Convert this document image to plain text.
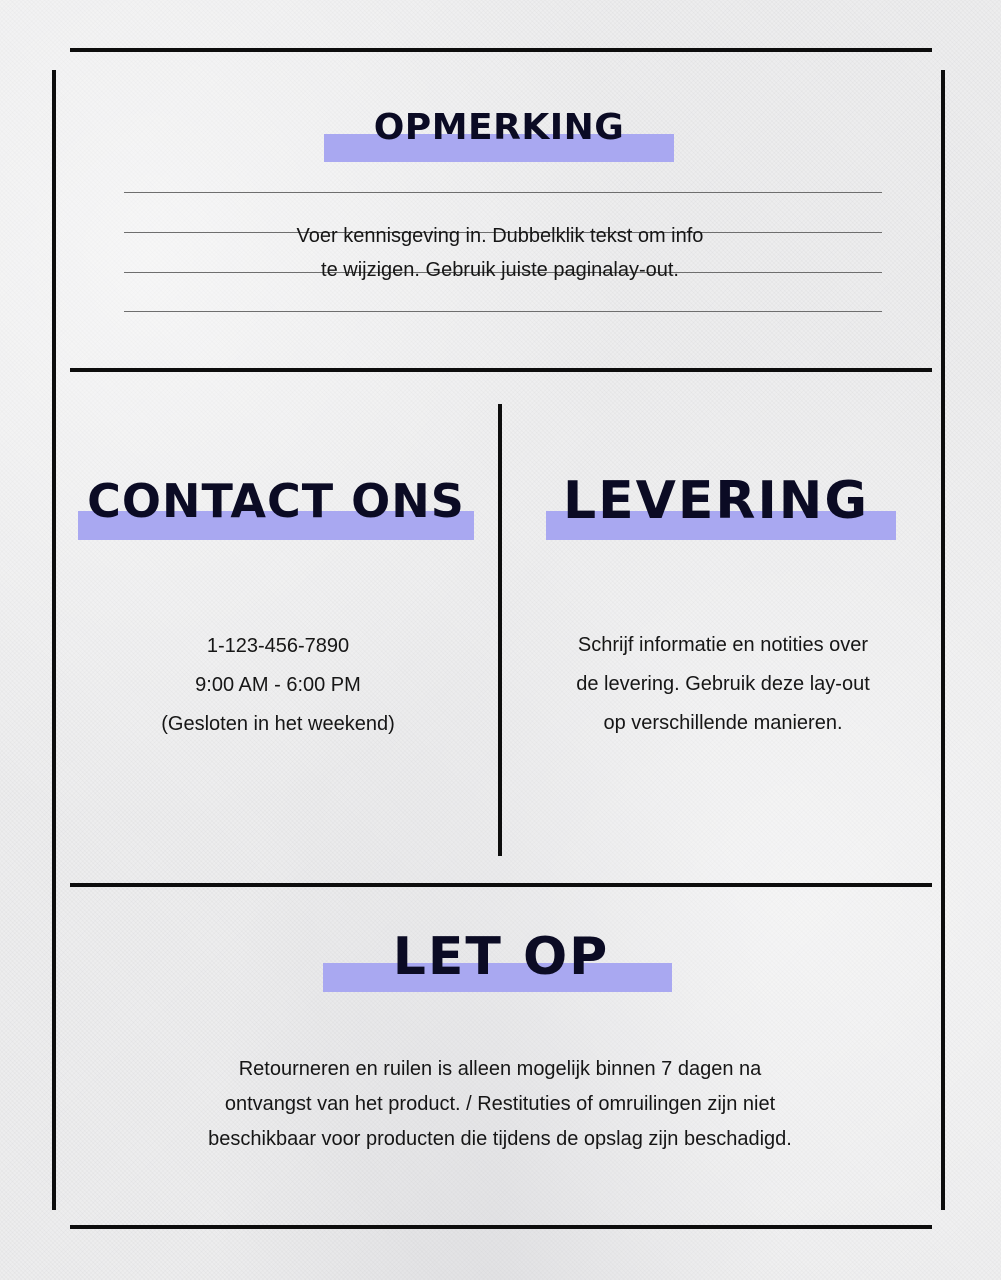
OPMERKING
Voer kennisgeving in. Dubbelklik tekst om info
te wijzigen. Gebruik juiste paginalay-out.
CONTACT ONS
1-123-456-7890
9:00 AM - 6:00 PM
(Gesloten in het weekend)
LEVERING
Schrijf informatie en notities over
de levering. Gebruik deze lay-out
op verschillende manieren.
LET OP
Retourneren en ruilen is alleen mogelijk binnen 7 dagen na
ontvangst van het product. / Restituties of omruilingen zijn niet
beschikbaar voor producten die tijdens de opslag zijn beschadigd.
